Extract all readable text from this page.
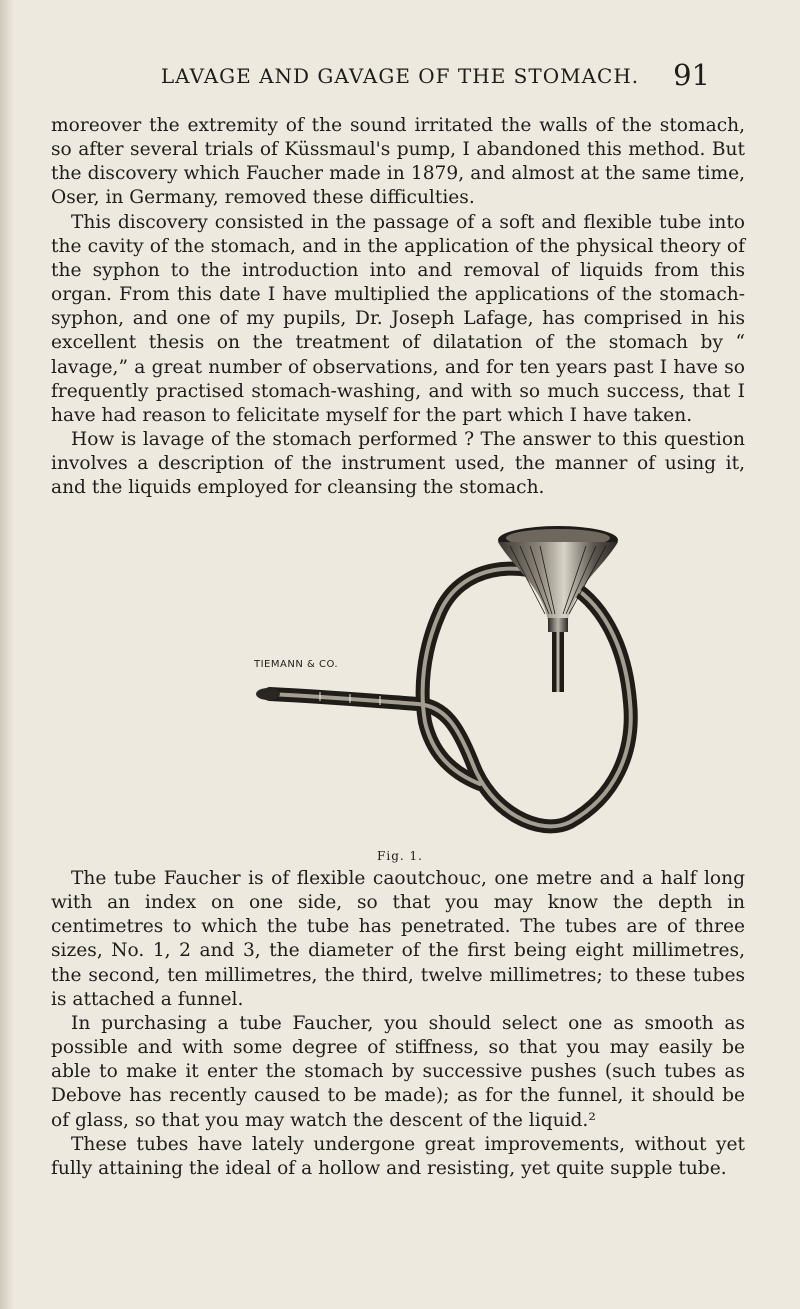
LAVAGE AND GAVAGE OF THE STOMACH.	91

moreover the extremity of the sound irritated the walls of the stomach, so after several trials of Küssmaul's pump, I abandoned this method. But the discovery which Faucher made in 1879, and almost at the same time, Oser, in Germany, removed these difficulties.

This discovery consisted in the passage of a soft and flexible tube into the cavity of the stomach, and in the application of the physical theory of the syphon to the introduction into and removal of liquids from this organ. From this date I have multiplied the applications of the stomach-syphon, and one of my pupils, Dr. Joseph Lafage, has comprised in his excellent thesis on the treatment of dilatation of the stomach by “ lavage,” a great number of observations, and for ten years past I have so frequently practised stomach-washing, and with so much success, that I have had reason to felicitate myself for the part which I have taken.

How is lavage of the stomach performed ? The answer to this question involves a description of the instrument used, the manner of using it, and the liquids employed for cleansing the stomach.

TIEMANN & CO.
Fig. 1.

The tube Faucher is of flexible caoutchouc, one metre and a half long with an index on one side, so that you may know the depth in centimetres to which the tube has penetrated. The tubes are of three sizes, No. 1, 2 and 3, the diameter of the first being eight millimetres, the second, ten millimetres, the third, twelve millimetres; to these tubes is attached a funnel.

In purchasing a tube Faucher, you should select one as smooth as possible and with some degree of stiffness, so that you may easily be able to make it enter the stomach by successive pushes (such tubes as Debove has recently caused to be made); as for the funnel, it should be of glass, so that you may watch the descent of the liquid.²

These tubes have lately undergone great improvements, without yet fully attaining the ideal of a hollow and resisting, yet quite supple tube.
